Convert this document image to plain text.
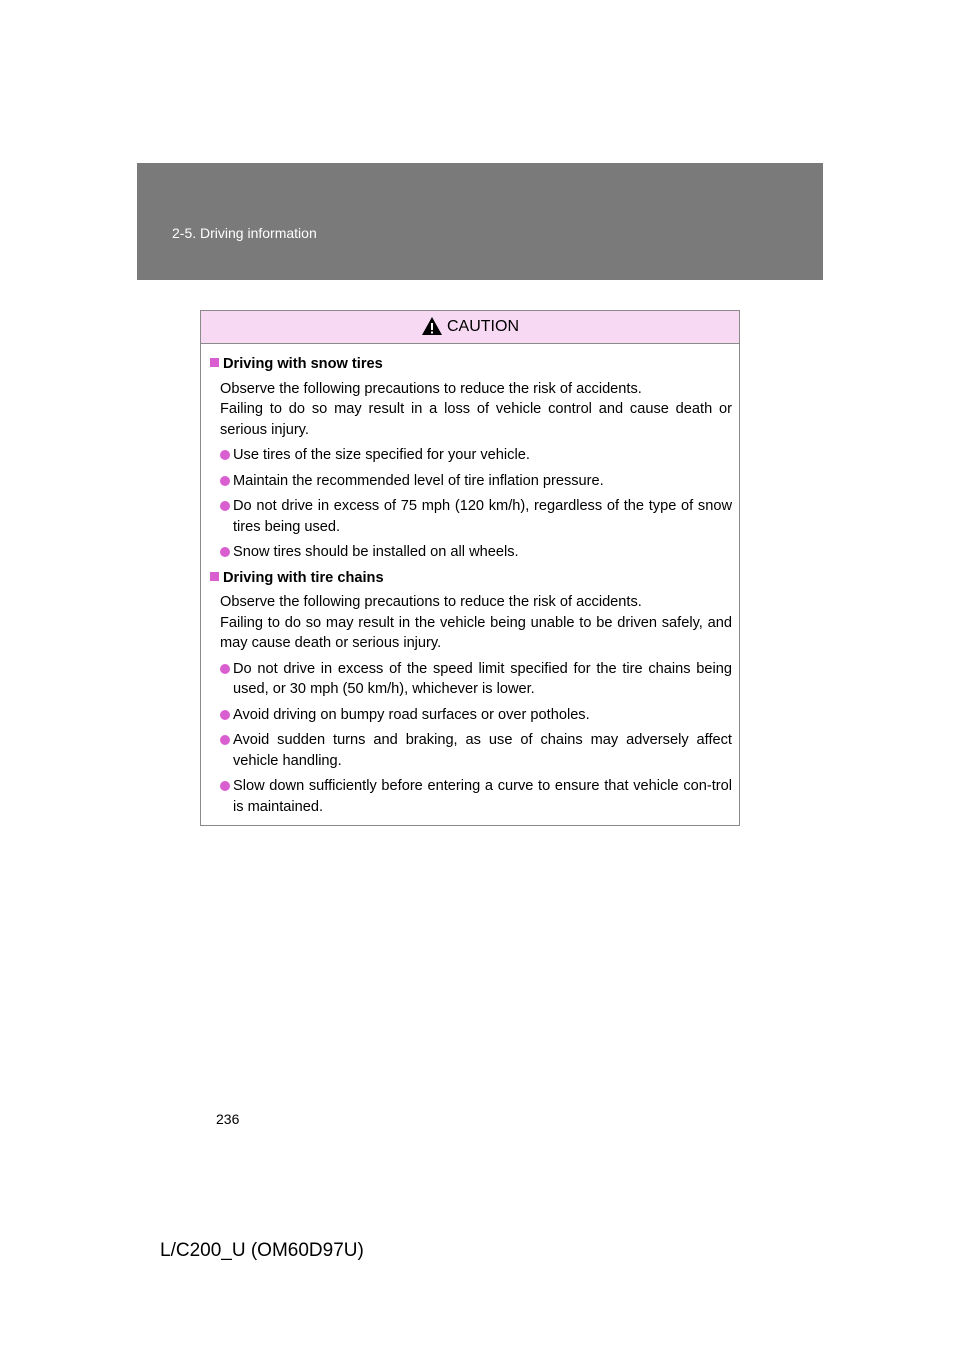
2-5. Driving information
CAUTION
Driving with snow tires
Observe the following precautions to reduce the risk of accidents.
Failing to do so may result in a loss of vehicle control and cause death or serious injury.
Use tires of the size specified for your vehicle.
Maintain the recommended level of tire inflation pressure.
Do not drive in excess of 75 mph (120 km/h), regardless of the type of snow tires being used.
Snow tires should be installed on all wheels.
Driving with tire chains
Observe the following precautions to reduce the risk of accidents.
Failing to do so may result in the vehicle being unable to be driven safely, and may cause death or serious injury.
Do not drive in excess of the speed limit specified for the tire chains being used, or 30 mph (50 km/h), whichever is lower.
Avoid driving on bumpy road surfaces or over potholes.
Avoid sudden turns and braking, as use of chains may adversely affect vehicle handling.
Slow down sufficiently before entering a curve to ensure that vehicle con-trol is maintained.
236
L/C200_U (OM60D97U)
